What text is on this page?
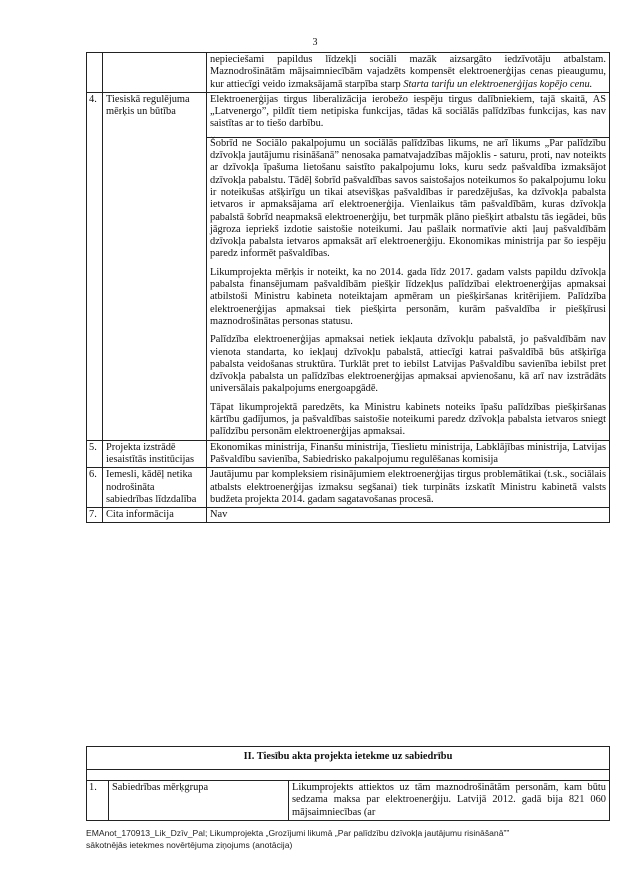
3

		nepieciešami papildus līdzekļi sociāli mazāk aizsargāto iedzīvotāju atbalstam. Maznodrošinātām mājsaimniecībām vajadzēts kompensēt elektroenerģijas cenas pieaugumu, kur attiecīgi veido izmaksājamā starpība starp Starta tarifu un elektroenerģijas kopējo cenu.

4.	Tiesiskā regulējuma mērķis un būtība	Elektroenerģijas tirgus liberalizācija ierobežo iespēju tirgus dalībniekiem, tajā skaitā, AS „Latvenergo”, pildīt tiem netipiska funkcijas, tādas kā sociālās palīdzības funkcijas, kas nav saistītas ar to tiešo darbību.

Šobrīd ne Sociālo pakalpojumu un sociālās palīdzības likums, ne arī likums „Par palīdzību dzīvokļa jautājumu risināšanā” nenosaka pamatvajadzības mājoklis - saturu, proti, nav noteikts ar dzīvokļa īpašuma lietošanu saistīto pakalpojumu loks, kuru sedz pašvaldība izmaksājot dzīvokļa pabalstu. Tādēļ šobrīd pašvaldības savos saistošajos noteikumos šo pakalpojumu loku ir noteikušas atšķirīgu un tikai atsevišķas pašvaldības ir paredzējušas, ka dzīvokļa pabalsta ietvaros ir apmaksājama arī elektroenerģija. Vienlaikus tām pašvaldībām, kuras dzīvokļa pabalstā šobrīd neapmaksā elektroenerģiju, bet turpmāk plāno piešķirt atbalstu tās iegādei, būs jāgroza iepriekš izdotie saistošie noteikumi. Jau pašlaik normatīvie akti ļauj pašvaldībām dzīvokļa pabalsta ietvaros apmaksāt arī elektroenerģiju. Ekonomikas ministrija par šo iespēju paredz informēt pašvaldības.

Likumprojekta mērķis ir noteikt, ka no 2014. gada līdz 2017. gadam valsts papildu dzīvokļa pabalsta finansējumam pašvaldībām piešķir līdzekļus palīdzībai elektroenerģijas apmaksai atbilstoši Ministru kabineta noteiktajam apmēram un piešķiršanas kritērijiem. Palīdzība elektroenerģijas apmaksai tiek piešķirta personām, kurām pašvaldība ir piešķīrusi maznodrošinātas personas statusu.

Palīdzība elektroenerģijas apmaksai netiek iekļauta dzīvokļu pabalstā, jo pašvaldībām nav vienota standarta, ko iekļauj dzīvokļu pabalstā, attiecīgi katrai pašvaldībā būs atšķirīga pabalsta veidošanas struktūra. Turklāt pret to iebilst Latvijas Pašvaldību savienība iebilst pret dzīvokļa pabalsta un palīdzības elektroenerģijas apmaksai apvienošanu, kā arī nav izstrādāts universālais pakalpojums energoapgādē.

Tāpat likumprojektā paredzēts, ka Ministru kabinets noteiks īpašu palīdzības piešķiršanas kārtību gadījumos, ja pašvaldības saistošie noteikumi paredz dzīvokļa pabalsta ietvaros sniegt palīdzību personām elektroenerģijas apmaksai.

5.	Projekta izstrādē iesaistītās institūcijas	Ekonomikas ministrija, Finanšu ministrija, Tieslietu ministrija, Labklājības ministrija, Latvijas Pašvaldību savienība, Sabiedrisko pakalpojumu regulēšanas komisija

6.	Iemesli, kādēļ netika nodrošināta sabiedrības līdzdalība	Jautājumu par kompleksiem risinājumiem elektroenerģijas tirgus problemātikai (t.sk., sociālais atbalsts elektroenerģijas izmaksu segšanai) tiek turpināts izskatīt Ministru kabinetā valsts budžeta projekta 2014. gadam sagatavošanas procesā.

7.	Cita informācija	Nav

II. Tiesību akta projekta ietekme uz sabiedrību

1.	Sabiedrības mērķgrupa	Likumprojekts attiektos uz tām maznodrošinātām personām, kam būtu sedzama maksa par elektroenerģiju. Latvijā 2012. gadā bija 821 060 mājsaimniecības (ar

EMAnot_170913_Lik_Dzīv_Pal; Likumprojekta „Grozījumi likumā „Par palīdzību dzīvokļa jautājumu risināšanā””
sākotnējās ietekmes novērtējuma ziņojums (anotācija)
